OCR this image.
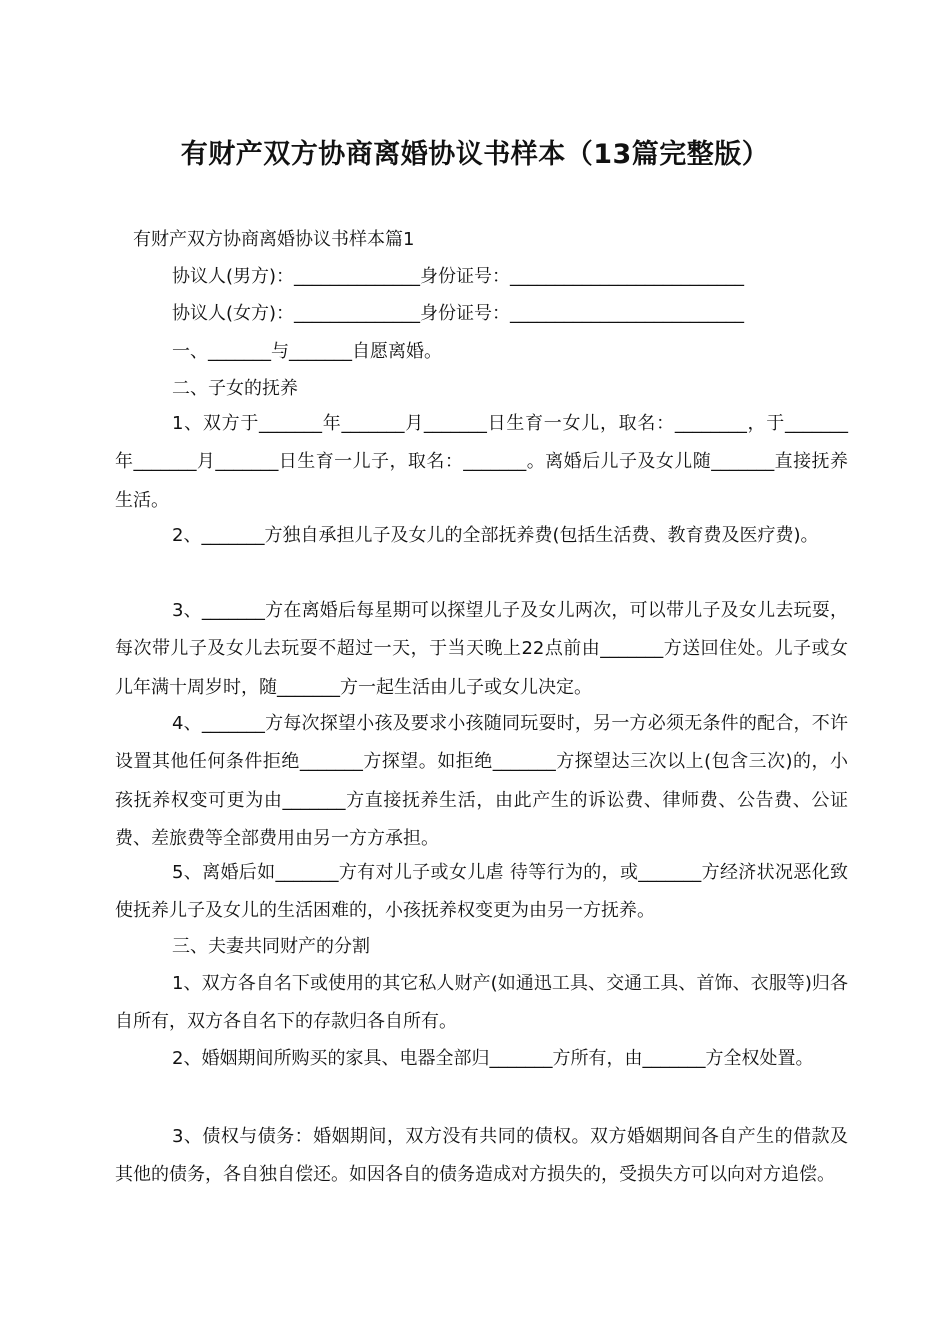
有财产双方协商离婚协议书样本（13篇完整版）
有财产双方协商离婚协议书样本篇1
协议人(男方)：______________身份证号：__________________________
协议人(女方)：______________身份证号：__________________________
一、_______与_______自愿离婚。
二、子女的抚养
1、双方于_______年_______月_______日生育一女儿，取名：________，于_______年_______月_______日生育一儿子，取名：_______。离婚后儿子及女儿随_______直接抚养生活。
2、_______方独自承担儿子及女儿的全部抚养费(包括生活费、教育费及医疗费)。
3、_______方在离婚后每星期可以探望儿子及女儿两次，可以带儿子及女儿去玩耍，每次带儿子及女儿去玩耍不超过一天，于当天晚上22点前由_______方送回住处。儿子或女儿年满十周岁时，随_______方一起生活由儿子或女儿决定。
4、_______方每次探望小孩及要求小孩随同玩耍时，另一方必须无条件的配合，不许设置其他任何条件拒绝_______方探望。如拒绝_______方探望达三次以上(包含三次)的，小孩抚养权变可更为由_______方直接抚养生活，由此产生的诉讼费、律师费、公告费、公证费、差旅费等全部费用由另一方方承担。
5、离婚后如_______方有对儿子或女儿虐 待等行为的，或_______方经济状况恶化致使抚养儿子及女儿的生活困难的，小孩抚养权变更为由另一方抚养。
三、夫妻共同财产的分割
1、双方各自名下或使用的其它私人财产(如通迅工具、交通工具、首饰、衣服等)归各自所有，双方各自名下的存款归各自所有。
2、婚姻期间所购买的家具、电器全部归_______方所有，由_______方全权处置。
3、债权与债务：婚姻期间，双方没有共同的债权。双方婚姻期间各自产生的借款及其他的债务，各自独自偿还。如因各自的债务造成对方损失的，受损失方可以向对方追偿。
